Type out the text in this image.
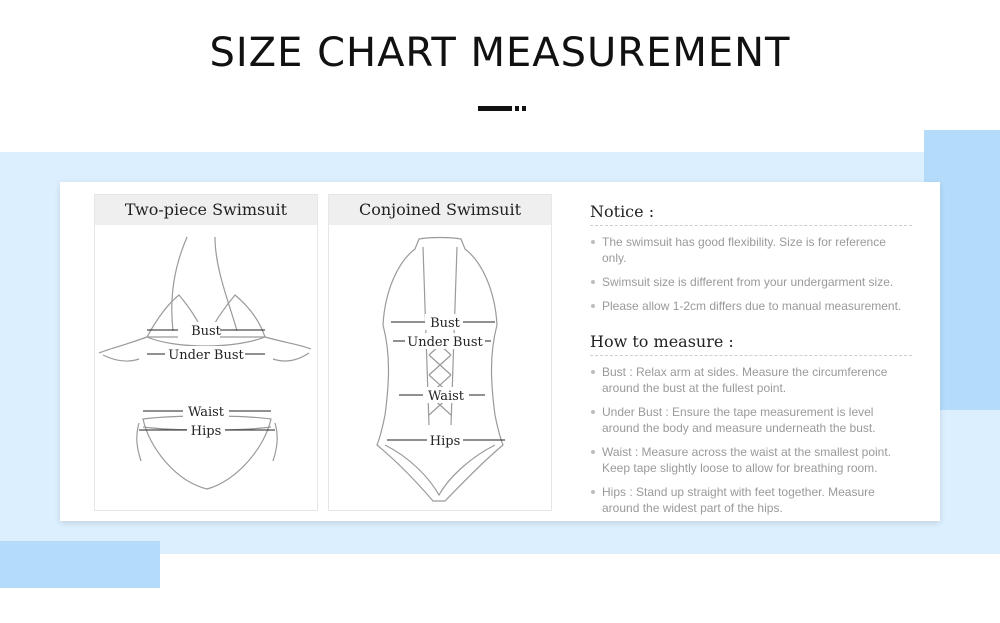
SIZE CHART MEASUREMENT
Two-piece Swimsuit
Bust
Under Bust
Waist
Hips
Conjoined Swimsuit
Bust
Under Bust
Waist
Hips
Notice :
The swimsuit has good flexibility. Size is for reference only.
Swimsuit size is different from your undergarment size.
Please allow 1-2cm differs due to manual measurement.
How to measure :
Bust : Relax arm at sides. Measure the circumference around the bust at the fullest point.
Under Bust : Ensure the tape measurement is level around the body and measure underneath the bust.
Waist : Measure across the waist at the smallest point. Keep tape slightly loose to allow for breathing room.
Hips : Stand up straight with feet together. Measure around the widest part of the hips.
